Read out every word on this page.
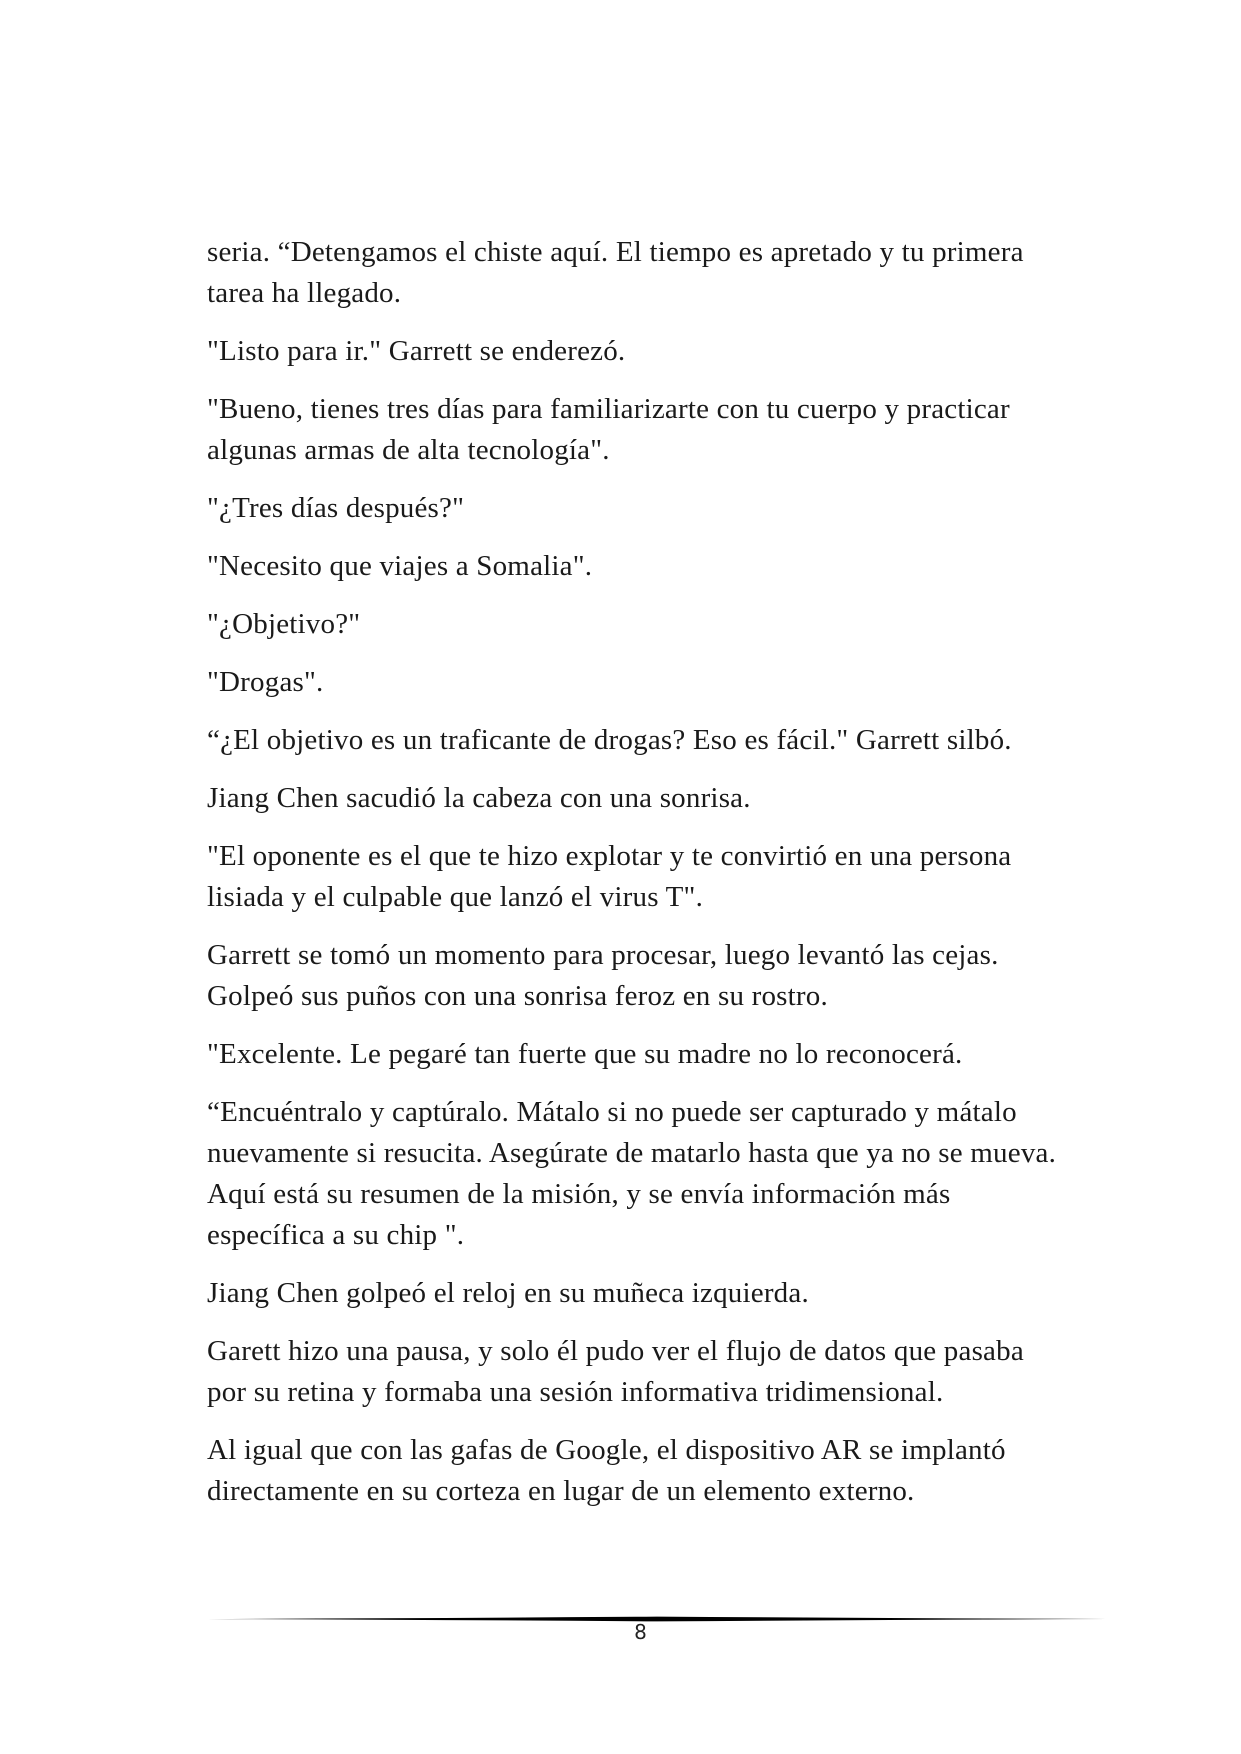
seria. “Detengamos el chiste aquí. El tiempo es apretado y tu primera tarea ha llegado.

"Listo para ir." Garrett se enderezó.

"Bueno, tienes tres días para familiarizarte con tu cuerpo y practicar algunas armas de alta tecnología".

"¿Tres días después?"

"Necesito que viajes a Somalia".

"¿Objetivo?"

"Drogas".

“¿El objetivo es un traficante de drogas? Eso es fácil." Garrett silbó.

Jiang Chen sacudió la cabeza con una sonrisa.

"El oponente es el que te hizo explotar y te convirtió en una persona lisiada y el culpable que lanzó el virus T".

Garrett se tomó un momento para procesar, luego levantó las cejas. Golpeó sus puños con una sonrisa feroz en su rostro.

"Excelente. Le pegaré tan fuerte que su madre no lo reconocerá.

“Encuéntralo y captúralo. Mátalo si no puede ser capturado y mátalo nuevamente si resucita. Asegúrate de matarlo hasta que ya no se mueva. Aquí está su resumen de la misión, y se envía información más específica a su chip ".

Jiang Chen golpeó el reloj en su muñeca izquierda.

Garett hizo una pausa, y solo él pudo ver el flujo de datos que pasaba por su retina y formaba una sesión informativa tridimensional.

Al igual que con las gafas de Google, el dispositivo AR se implantó directamente en su corteza en lugar de un elemento externo.

8
